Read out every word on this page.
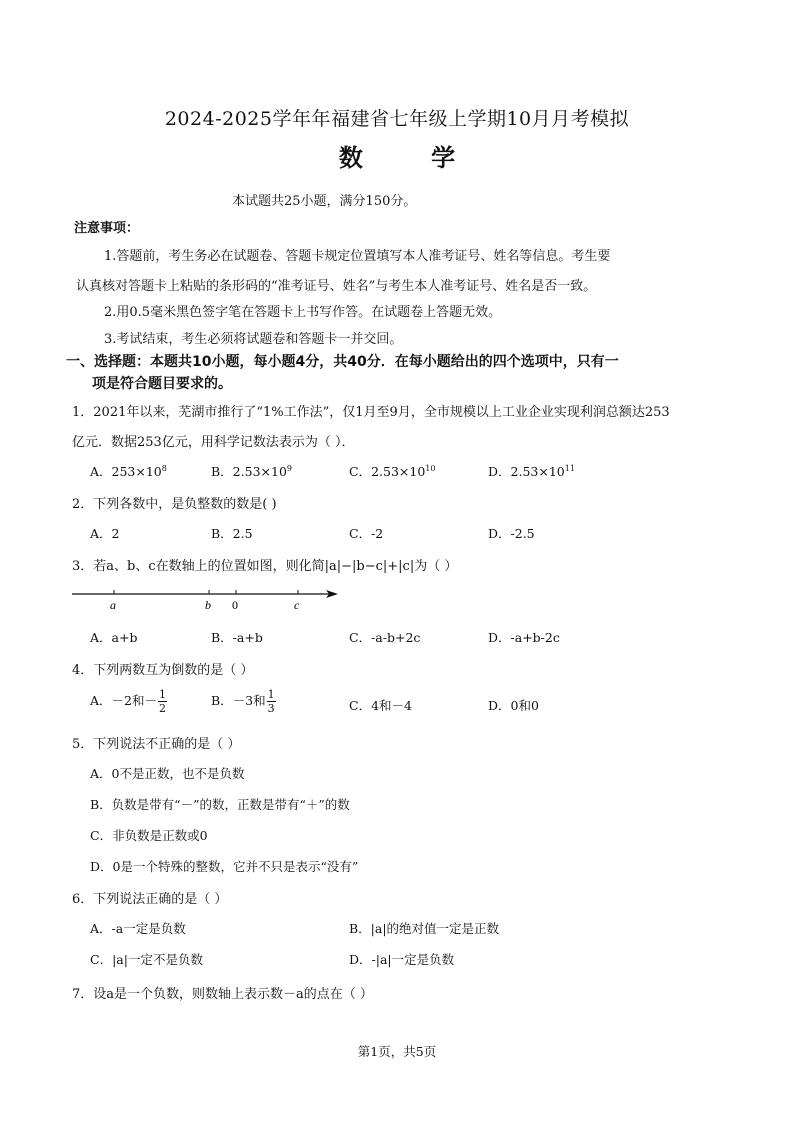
2024-2025学年年福建省七年级上学期10月月考模拟
数 学
本试题共25小题，满分150分。
注意事项：
1.答题前，考生务必在试题卷、答题卡规定位置填写本人准考证号、姓名等信息。考生要
认真核对答题卡上粘贴的条形码的“准考证号、姓名”与考生本人准考证号、姓名是否一致。
2.用0.5毫米黑色签字笔在答题卡上书写作答。在试题卷上答题无效。
3.考试结束，考生必须将试题卷和答题卡一并交回。
一、选择题：本题共10小题，每小题4分，共40分．在每小题给出的四个选项中，只有一
项是符合题目要求的。
1．2021年以来，芜湖市推行了“1%工作法”，仅1月至9月，全市规模以上工业企业实现利润总额达253
亿元．数据253亿元，用科学记数法表示为（ ）．
A．$253\times 10^8$	B．$2.53\times 10^9$	C．$2.53\times 10^{10}$	D．$2.53\times 10^{11}$
2．下列各数中，是负整数的数是( )
A．2	B．2.5	C．-2	D．-2.5
3．若a、b、c在数轴上的位置如图，则化简|a|−|b−c|+|c|为（ ）
a	b 0	c
A．a+b	B．-a+b	C．-a-b+2c	D．-a+b-2c
4．下列两数互为倒数的是（ ）
A．－2和－ $\frac{1}{2}$	B．－3和 $\frac{1}{3}$	C．4和－4	D．0和0
5．下列说法不正确的是（ ）
A．0不是正数，也不是负数
B．负数是带有“－”的数，正数是带有“＋”的数
C．非负数是正数或0
D．0是一个特殊的整数，它并不只是表示“没有”
6．下列说法正确的是（ ）
A．-a一定是负数	B．|a|的绝对值一定是正数
C．|a|一定不是负数	D．-|a|一定是负数
7．设a是一个负数，则数轴上表示数－a的点在（ ）
第1页，共5页
